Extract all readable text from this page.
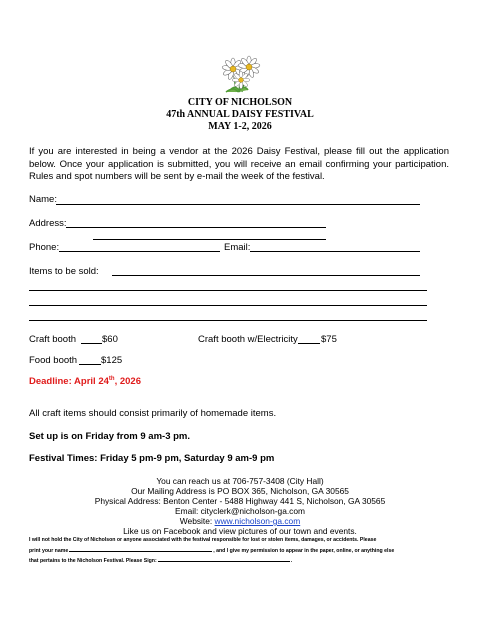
CITY OF NICHOLSON
47th ANNUAL DAISY FESTIVAL
MAY 1-2, 2026
If you are interested in being a vendor at the 2026 Daisy Festival, please fill out the application below. Once your application is submitted, you will receive an email confirming your participation. Rules and spot numbers will be sent by e-mail the week of the festival.
Name:
Address:
Phone:	Email:
Items to be sold:
Craft booth	$60	Craft booth w/Electricity $75
Food booth	$125
Deadline: April 24th, 2026
All craft items should consist primarily of homemade items.
Set up is on Friday from 9 am-3 pm.
Festival Times: Friday 5 pm-9 pm, Saturday 9 am-9 pm
You can reach us at 706-757-3408 (City Hall)
Our Mailing Address is PO BOX 365, Nicholson, GA 30565
Physical Address: Benton Center - 5488 Highway 441 S, Nicholson, GA 30565
Email: cityclerk@nicholson-ga.com
Website: www.nicholson-ga.com
Like us on Facebook and view pictures of our town and events.
I will not hold the City of Nicholson or anyone associated with the festival responsible for lost or stolen items, damages, or accidents. Please
print your name	, and I give my permission to appear in the paper, online, or anything else
that pertains to the Nicholson Festival. Please Sign:	.
